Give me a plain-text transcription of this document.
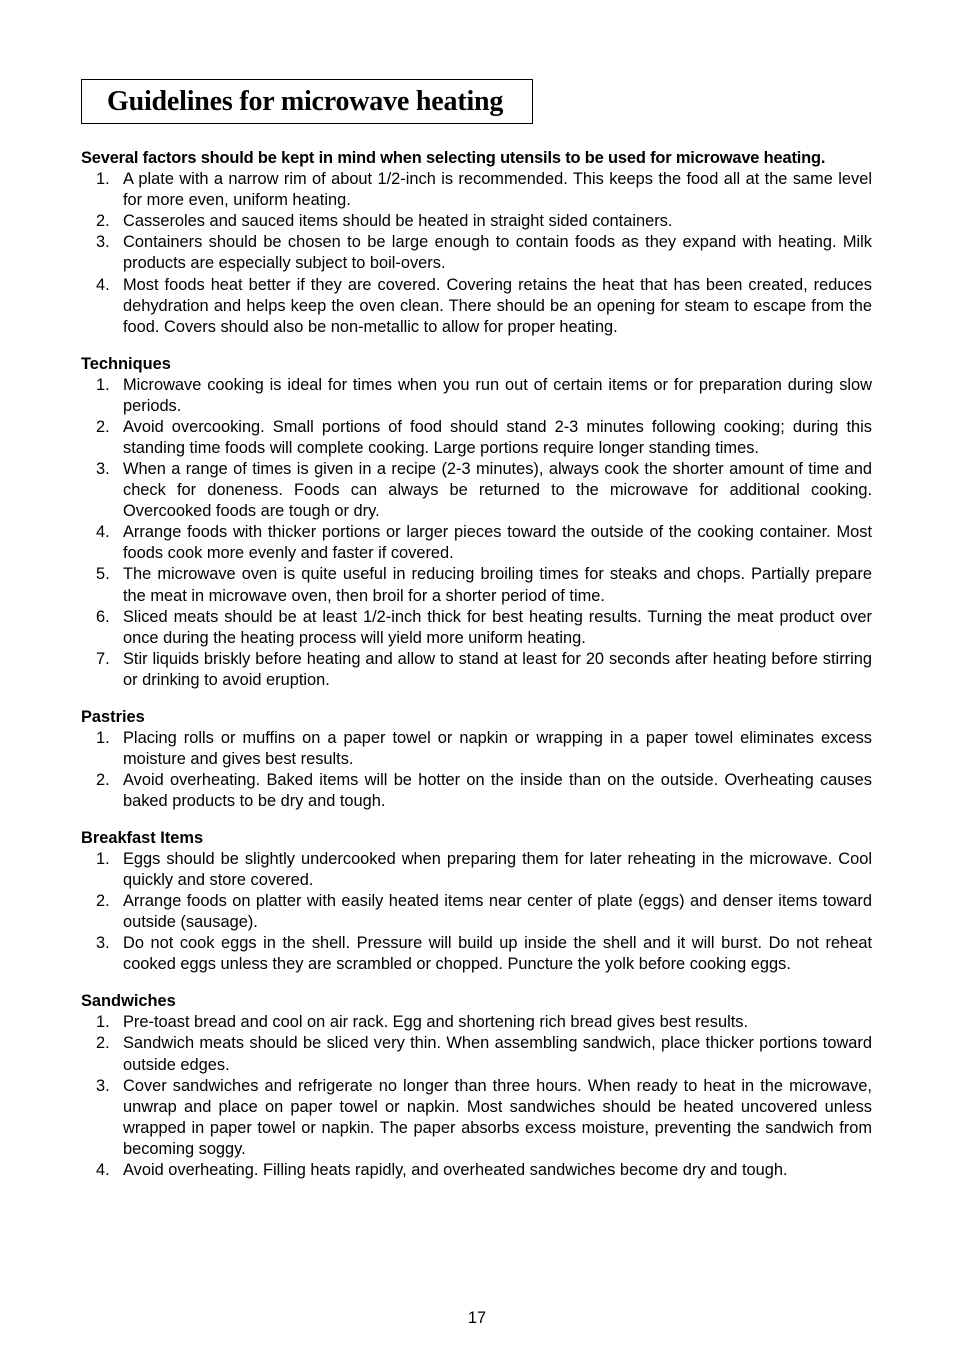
Guidelines for microwave heating

Several factors should be kept in mind when selecting utensils to be used for microwave heating.

1. A plate with a narrow rim of about 1/2-inch is recommended. This keeps the food all at the same level for more even, uniform heating.
2. Casseroles and sauced items should be heated in straight sided containers.
3. Containers should be chosen to be large enough to contain foods as they expand with heating. Milk products are especially subject to boil-overs.
4. Most foods heat better if they are covered. Covering retains the heat that has been created, reduces dehydration and helps keep the oven clean. There should be an opening for steam to escape from the food. Covers should also be non-metallic to allow for proper heating.

Techniques

1. Microwave cooking is ideal for times when you run out of certain items or for preparation during slow periods.
2. Avoid overcooking. Small portions of food should stand 2-3 minutes following cooking; during this standing time foods will complete cooking. Large portions require longer standing times.
3. When a range of times is given in a recipe (2-3 minutes), always cook the shorter amount of time and check for doneness. Foods can always be returned to the microwave for additional cooking. Overcooked foods are tough or dry.
4. Arrange foods with thicker portions or larger pieces toward the outside of the cooking container. Most foods cook more evenly and faster if covered.
5. The microwave oven is quite useful in reducing broiling times for steaks and chops. Partially prepare the meat in microwave oven, then broil for a shorter period of time.
6. Sliced meats should be at least 1/2-inch thick for best heating results. Turning the meat product over once during the heating process will yield more uniform heating.
7. Stir liquids briskly before heating and allow to stand at least for 20 seconds after heating before stirring or drinking to avoid eruption.

Pastries

1. Placing rolls or muffins on a paper towel or napkin or wrapping in a paper towel eliminates excess moisture and gives best results.
2. Avoid overheating. Baked items will be hotter on the inside than on the outside. Overheating causes baked products to be dry and tough.

Breakfast Items

1. Eggs should be slightly undercooked when preparing them for later reheating in the microwave. Cool quickly and store covered.
2. Arrange foods on platter with easily heated items near center of plate (eggs) and denser items toward outside (sausage).
3. Do not cook eggs in the shell. Pressure will build up inside the shell and it will burst. Do not reheat cooked eggs unless they are scrambled or chopped. Puncture the yolk before cooking eggs.

Sandwiches

1. Pre-toast bread and cool on air rack. Egg and shortening rich bread gives best results.
2. Sandwich meats should be sliced very thin. When assembling sandwich, place thicker portions toward outside edges.
3. Cover sandwiches and refrigerate no longer than three hours. When ready to heat in the microwave, unwrap and place on paper towel or napkin. Most sandwiches should be heated uncovered unless wrapped in paper towel or napkin. The paper absorbs excess moisture, preventing the sandwich from becoming soggy.
4. Avoid overheating. Filling heats rapidly, and overheated sandwiches become dry and tough.
17
